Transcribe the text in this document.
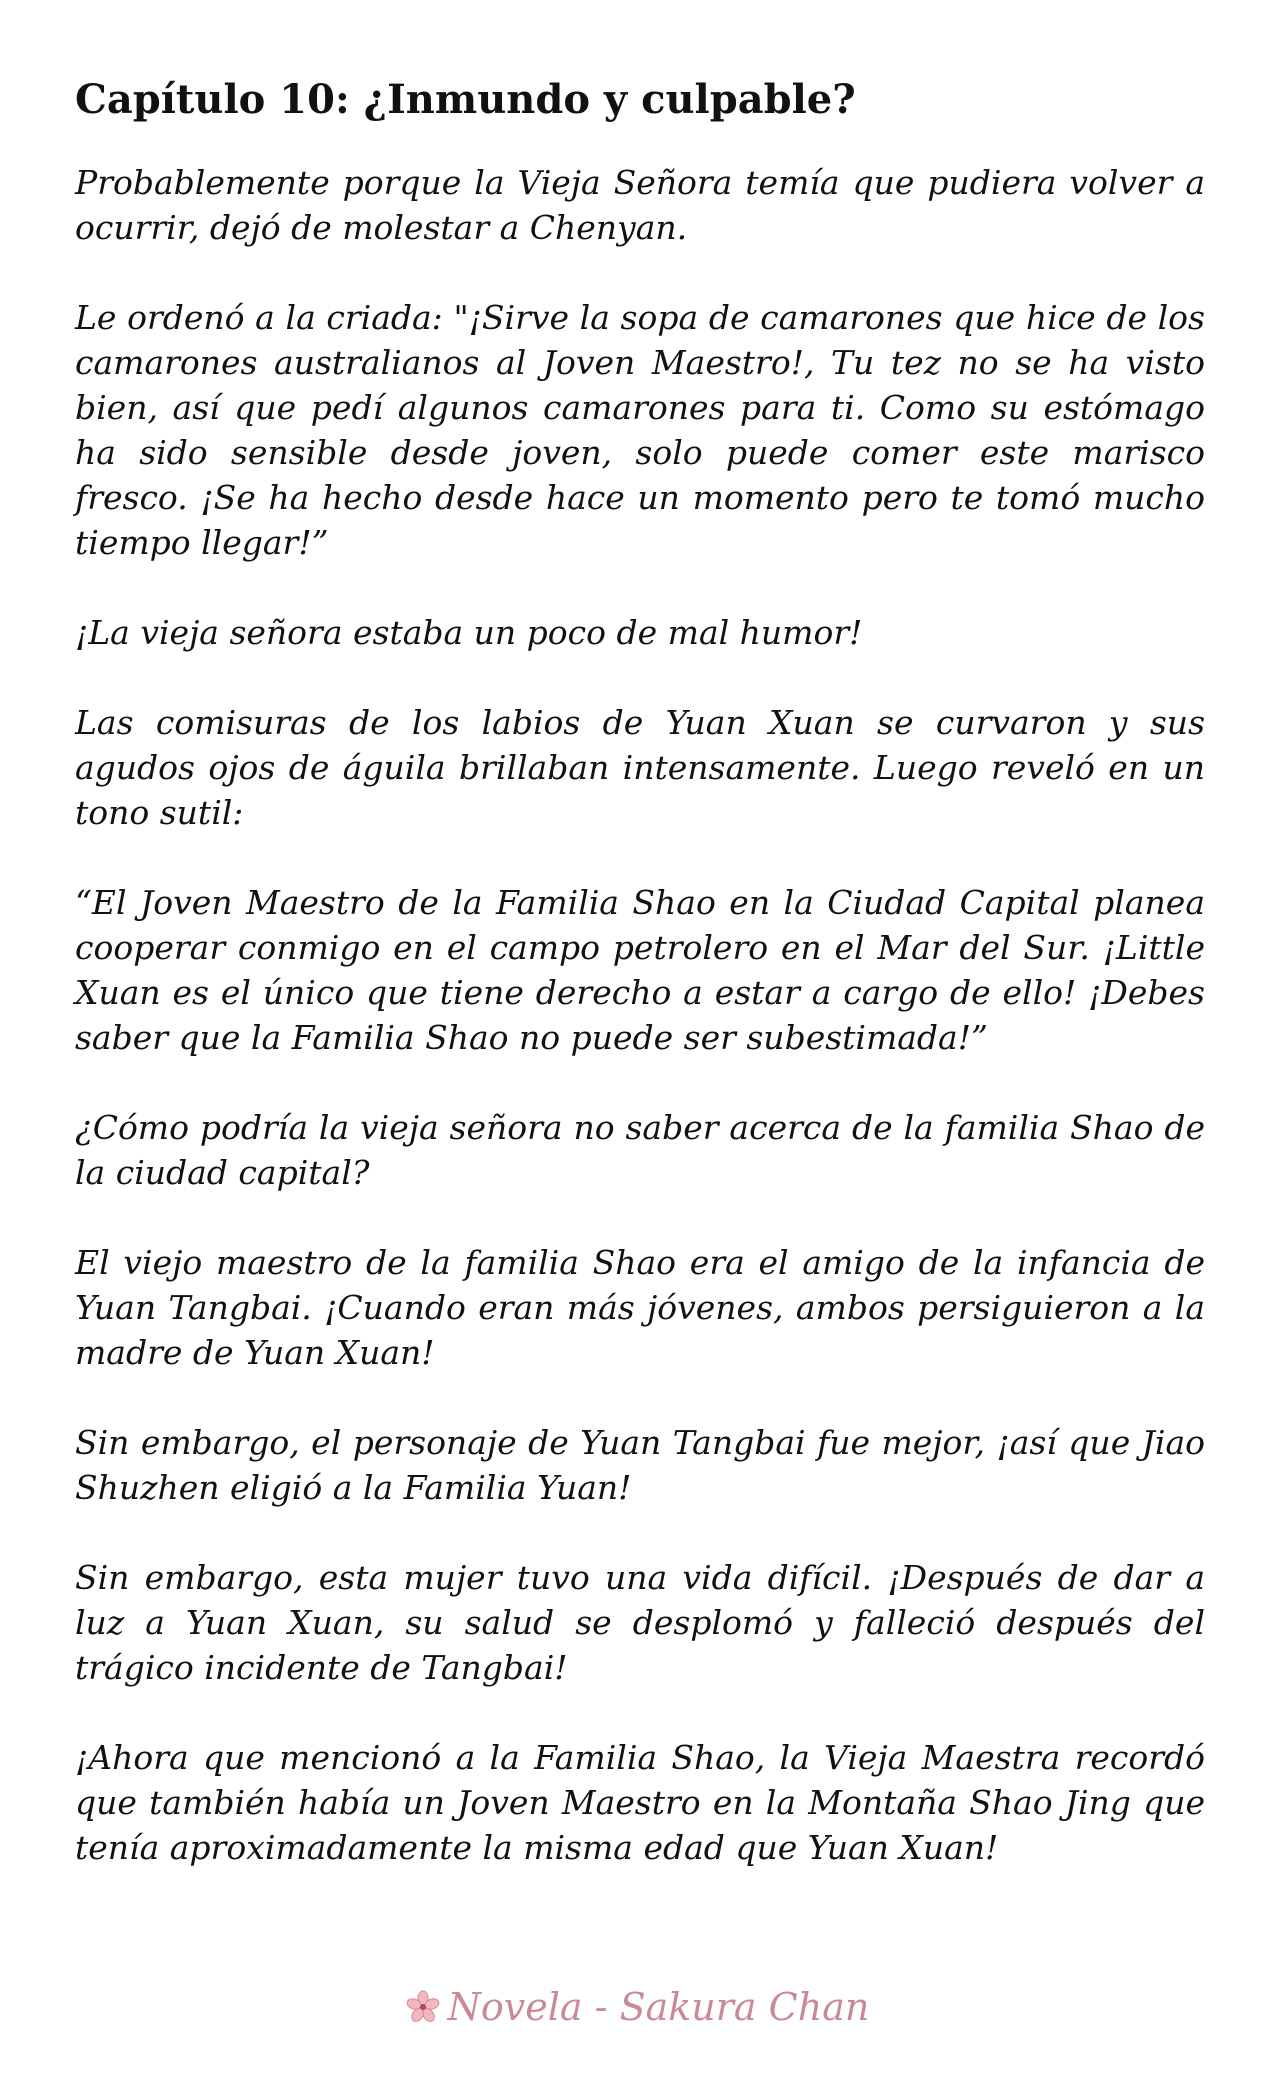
Capítulo 10: ¿Inmundo y culpable?

Probablemente porque la Vieja Señora temía que pudiera volver a ocurrir, dejó de molestar a Chenyan.

Le ordenó a la criada: "¡Sirve la sopa de camarones que hice de los camarones australianos al Joven Maestro!, Tu tez no se ha visto bien, así que pedí algunos camarones para ti. Como su estómago ha sido sensible desde joven, solo puede comer este marisco fresco. ¡Se ha hecho desde hace un momento pero te tomó mucho tiempo llegar!”

¡La vieja señora estaba un poco de mal humor!

Las comisuras de los labios de Yuan Xuan se curvaron y sus agudos ojos de águila brillaban intensamente. Luego reveló en un tono sutil:

“El Joven Maestro de la Familia Shao en la Ciudad Capital planea cooperar conmigo en el campo petrolero en el Mar del Sur. ¡Little Xuan es el único que tiene derecho a estar a cargo de ello! ¡Debes saber que la Familia Shao no puede ser subestimada!”

¿Cómo podría la vieja señora no saber acerca de la familia Shao de la ciudad capital?

El viejo maestro de la familia Shao era el amigo de la infancia de Yuan Tangbai. ¡Cuando eran más jóvenes, ambos persiguieron a la madre de Yuan Xuan!

Sin embargo, el personaje de Yuan Tangbai fue mejor, ¡así que Jiao Shuzhen eligió a la Familia Yuan!

Sin embargo, esta mujer tuvo una vida difícil. ¡Después de dar a luz a Yuan Xuan, su salud se desplomó y falleció después del trágico incidente de Tangbai!

¡Ahora que mencionó a la Familia Shao, la Vieja Maestra recordó que también había un Joven Maestro en la Montaña Shao Jing que tenía aproximadamente la misma edad que Yuan Xuan!

Novela - Sakura Chan
